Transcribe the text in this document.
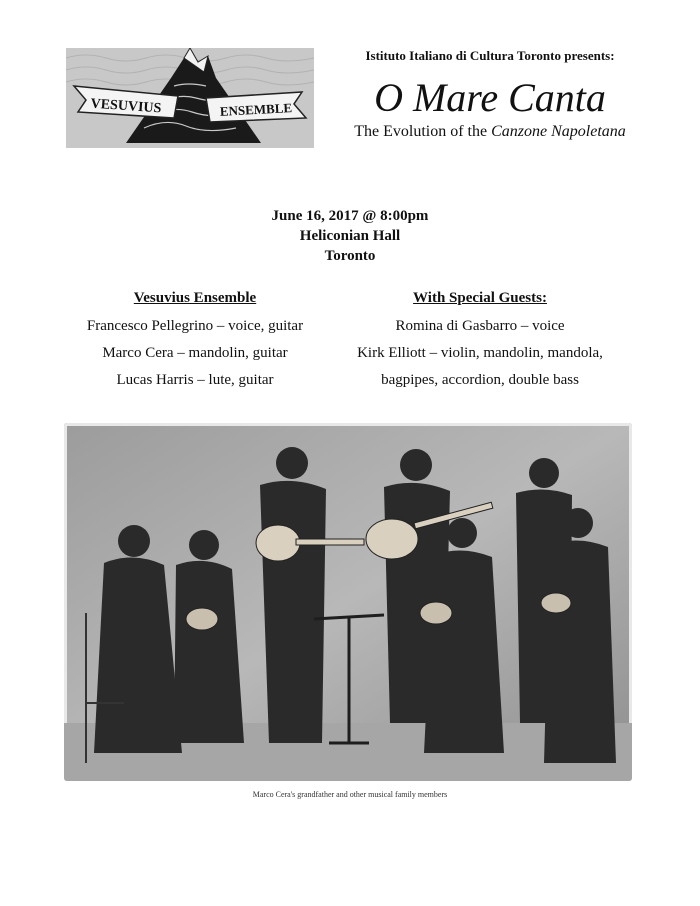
VESUVIUS	ENSEMBLE
Istituto Italiano di Cultura Toronto presents:
O Mare Canta
The Evolution of the Canzone Napoletana
June 16, 2017 @ 8:00pm
Heliconian Hall
Toronto
Vesuvius Ensemble
Francesco Pellegrino – voice, guitar
Marco Cera – mandolin, guitar
Lucas Harris – lute, guitar
With Special Guests:
Romina di Gasbarro – voice
Kirk Elliott – violin, mandolin, mandola,
bagpipes, accordion, double bass
Marco Cera's grandfather and other musical family members
